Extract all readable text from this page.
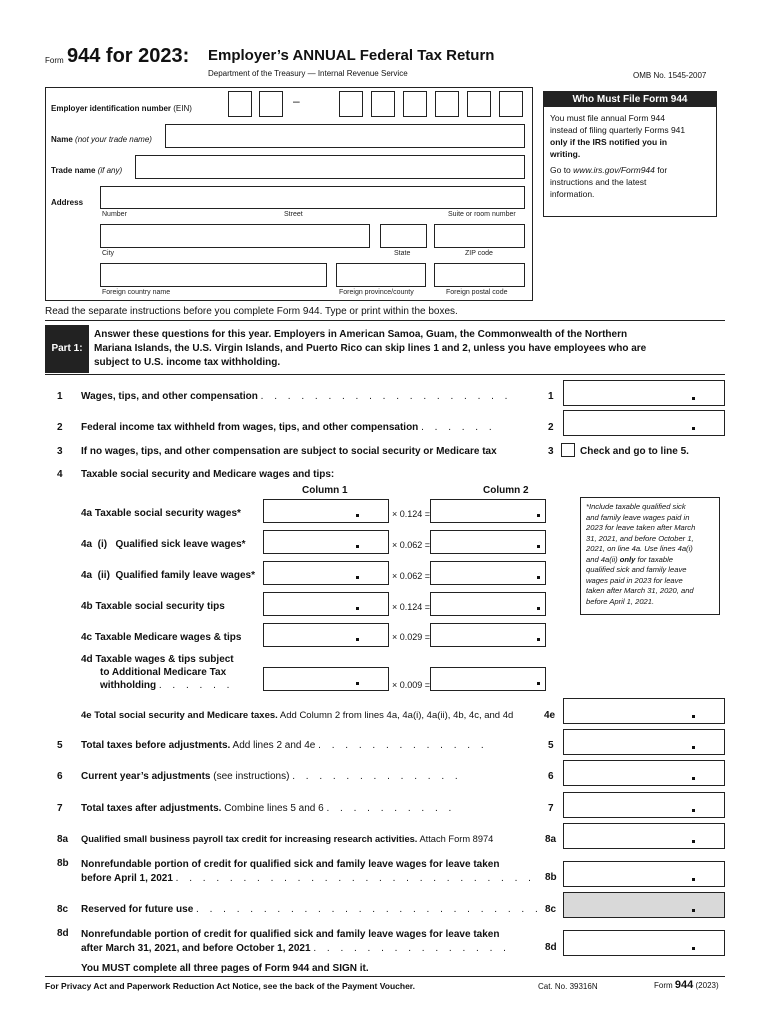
Form 944 for 2023: Employer’s ANNUAL Federal Tax Return
Department of the Treasury — Internal Revenue Service	OMB No. 1545-2007
Employer identification number (EIN)
–
Name (not your trade name)
Trade name (if any)
Address
Number	Street	Suite or room number
City	State	ZIP code
Foreign country name	Foreign province/county	Foreign postal code
Who Must File Form 944
You must file annual Form 944
instead of filing quarterly Forms 941
only if the IRS notified you in
writing.
Go to www.irs.gov/Form944 for
instructions and the latest
information.
Read the separate instructions before you complete Form 944. Type or print within the boxes.
Part 1:
Answer these questions for this year. Employers in American Samoa, Guam, the Commonwealth of the Northern
Mariana Islands, the U.S. Virgin Islands, and Puerto Rico can skip lines 1 and 2, unless you have employees who are
subject to U.S. income tax withholding.
1 Wages, tips, and other compensation . . . . . . . . . . . . . . . . . . .	1
2 Federal income tax withheld from wages, tips, and other compensation . . . . . .	2
3 If no wages, tips, and other compensation are subject to social security or Medicare tax	3	Check and go to line 5.
4 Taxable social security and Medicare wages and tips:
Column 1	Column 2
4a Taxable social security wages*	× 0.124 =
4a  (i)   Qualified sick leave wages*	× 0.062 =
4a  (ii)  Qualified family leave wages*	× 0.062 =
4b Taxable social security tips	× 0.124 =
4c Taxable Medicare wages & tips	× 0.029 =
4d Taxable wages & tips subject
to Additional Medicare Tax
withholding . . . . . .	× 0.009 =
*Include taxable qualified sick
and family leave wages paid in
2023 for leave taken after March
31, 2021, and before October 1,
2021, on line 4a. Use lines 4a(i)
and 4a(ii) only for taxable
qualified sick and family leave
wages paid in 2023 for leave
taken after March 31, 2020, and
before April 1, 2021.
4e Total social security and Medicare taxes. Add Column 2 from lines 4a, 4a(i), 4a(ii), 4b, 4c, and 4d	4e
5 Total taxes before adjustments. Add lines 2 and 4e . . . . . . . . . . . . .	5
6 Current year’s adjustments (see instructions) . . . . . . . . . . . . .	6
7 Total taxes after adjustments. Combine lines 5 and 6 . . . . . . . . . .	7
8a Qualified small business payroll tax credit for increasing research activities. Attach Form 8974	8a
8b Nonrefundable portion of credit for qualified sick and family leave wages for leave taken
before April 1, 2021 . . . . . . . . . . . . . . . . . . . . . . . . . . . 8b
8c Reserved for future use . . . . . . . . . . . . . . . . . . . . . . . . . . 8c
8d Nonrefundable portion of credit for qualified sick and family leave wages for leave taken
after March 31, 2021, and before October 1, 2021 . . . . . . . . . . . . . . .	8d
You MUST complete all three pages of Form 944 and SIGN it.
For Privacy Act and Paperwork Reduction Act Notice, see the back of the Payment Voucher.	Cat. No. 39316N	Form 944 (2023)
